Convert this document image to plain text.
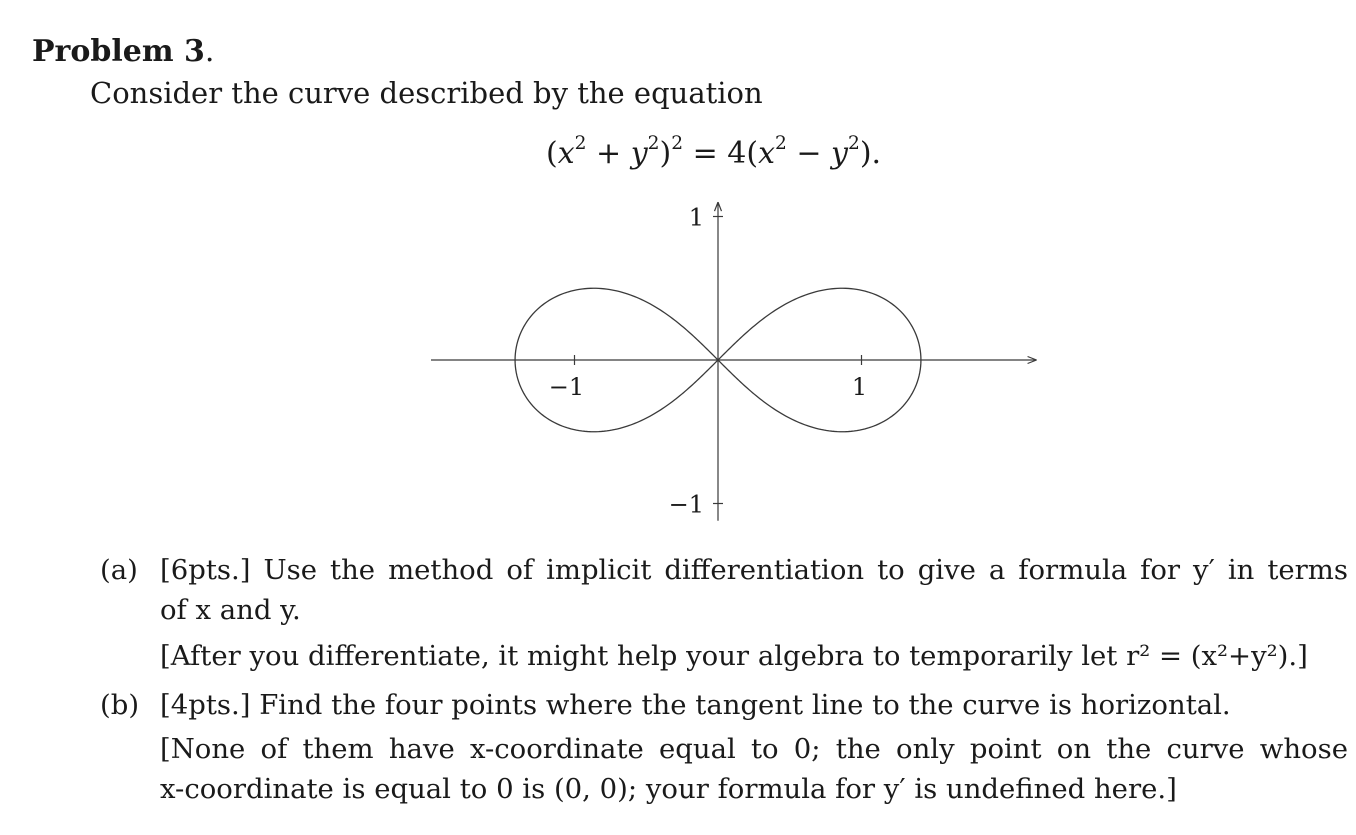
Problem 3.
Consider the curve described by the equation
$(x^2 + y^2)^2 = 4(x^2 - y^2)$.
−1	1
1
−1
(a) [6pts.] Use the method of implicit differentiation to give a formula for y′ in terms
of x and y.
[After you differentiate, it might help your algebra to temporarily let r² = (x²+y²).]
(b) [4pts.] Find the four points where the tangent line to the curve is horizontal.
[None of them have x-coordinate equal to 0; the only point on the curve whose
x-coordinate is equal to 0 is (0, 0); your formula for y′ is undefined here.]
